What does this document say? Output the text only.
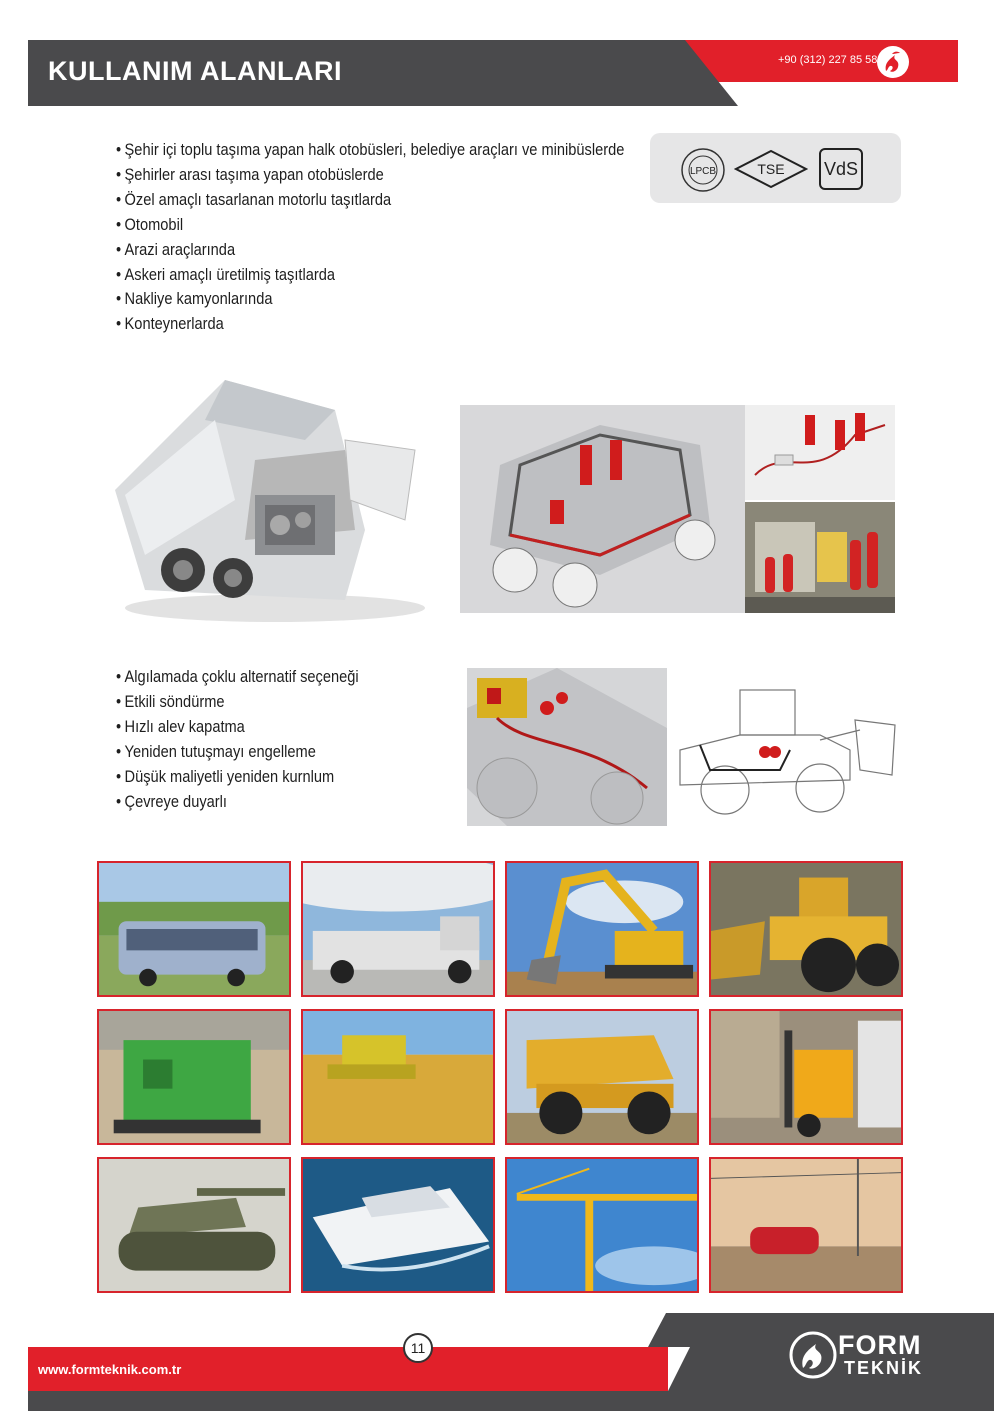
KULLANIM ALANLARI	+90 (312) 227 85 58
• Şehir içi toplu taşıma yapan halk otobüsleri, belediye araçları ve minibüslerde
• Şehirler arası taşıma yapan otobüslerde
• Özel amaçlı tasarlanan motorlu taşıtlarda
• Otomobil
• Arazi araçlarında
• Askeri amaçlı üretilmiş taşıtlarda
• Nakliye kamyonlarında
• Konteynerlarda
LPCB	TSE VdS
• Algılamada çoklu alternatif seçeneği
• Etkili söndürme
• Hızlı alev kapatma
• Yeniden tutuşmayı engelleme
• Düşük maliyetli yeniden kurnlum
• Çevreye duyarlı
www.formteknik.com.tr
11	FORM
TEKNİK
